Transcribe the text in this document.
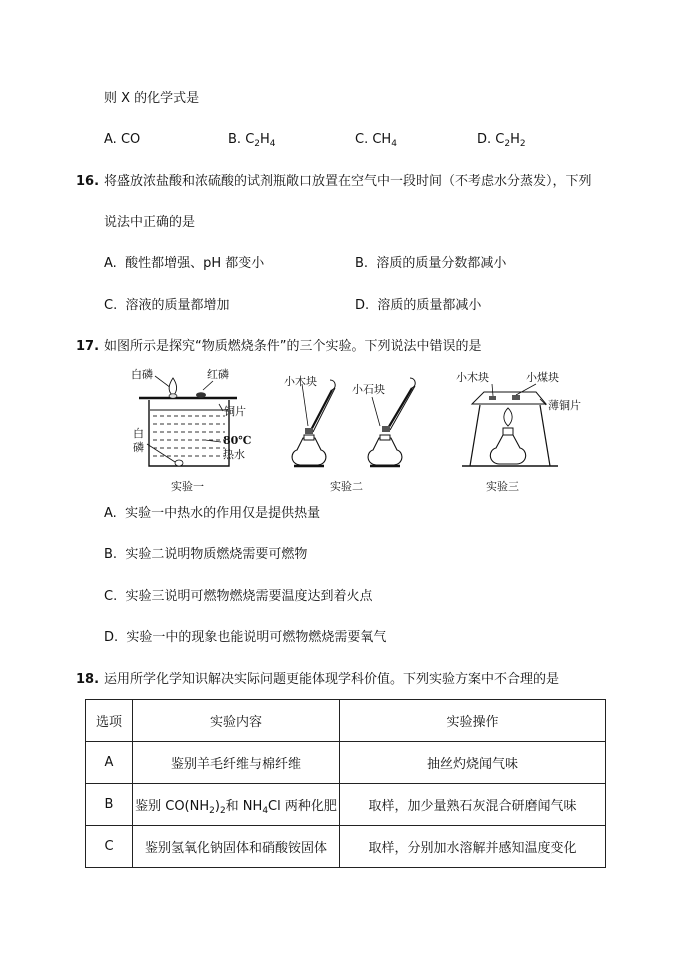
则 X 的化学式是
A. CO	B. $C_2H_4$	C. $CH_4$	D. $C_2H_2$
16. 将盛放浓盐酸和浓硫酸的试剂瓶敞口放置在空气中一段时间（不考虑水分蒸发），下列
说法中正确的是
A. 酸性都增强、pH 都变小	B. 溶质的质量分数都减小
C. 溶液的质量都增加	D. 溶质的质量都减小
17. 如图所示是探究“物质燃烧条件”的三个实验。下列说法中错误的是
白磷	红磷
铜片
白
磷
80℃
热水
实验一
小木块
小石块
实验二
小木块	小煤块
薄铜片
实验三
A. 实验一中热水的作用仅是提供热量
B. 实验二说明物质燃烧需要可燃物
C. 实验三说明可燃物燃烧需要温度达到着火点
D. 实验一中的现象也能说明可燃物燃烧需要氧气
18. 运用所学化学知识解决实际问题更能体现学科价值。下列实验方案中不合理的是
选项	实验内容	实验操作
A	鉴别羊毛纤维与棉纤维	抽丝灼烧闻气味
B	鉴别 $CO(NH_2)_2$和 $NH_4Cl$ 两种化肥	取样，加少量熟石灰混合研磨闻气味
C	鉴别氢氧化钠固体和硝酸铵固体	取样，分别加水溶解并感知温度变化
